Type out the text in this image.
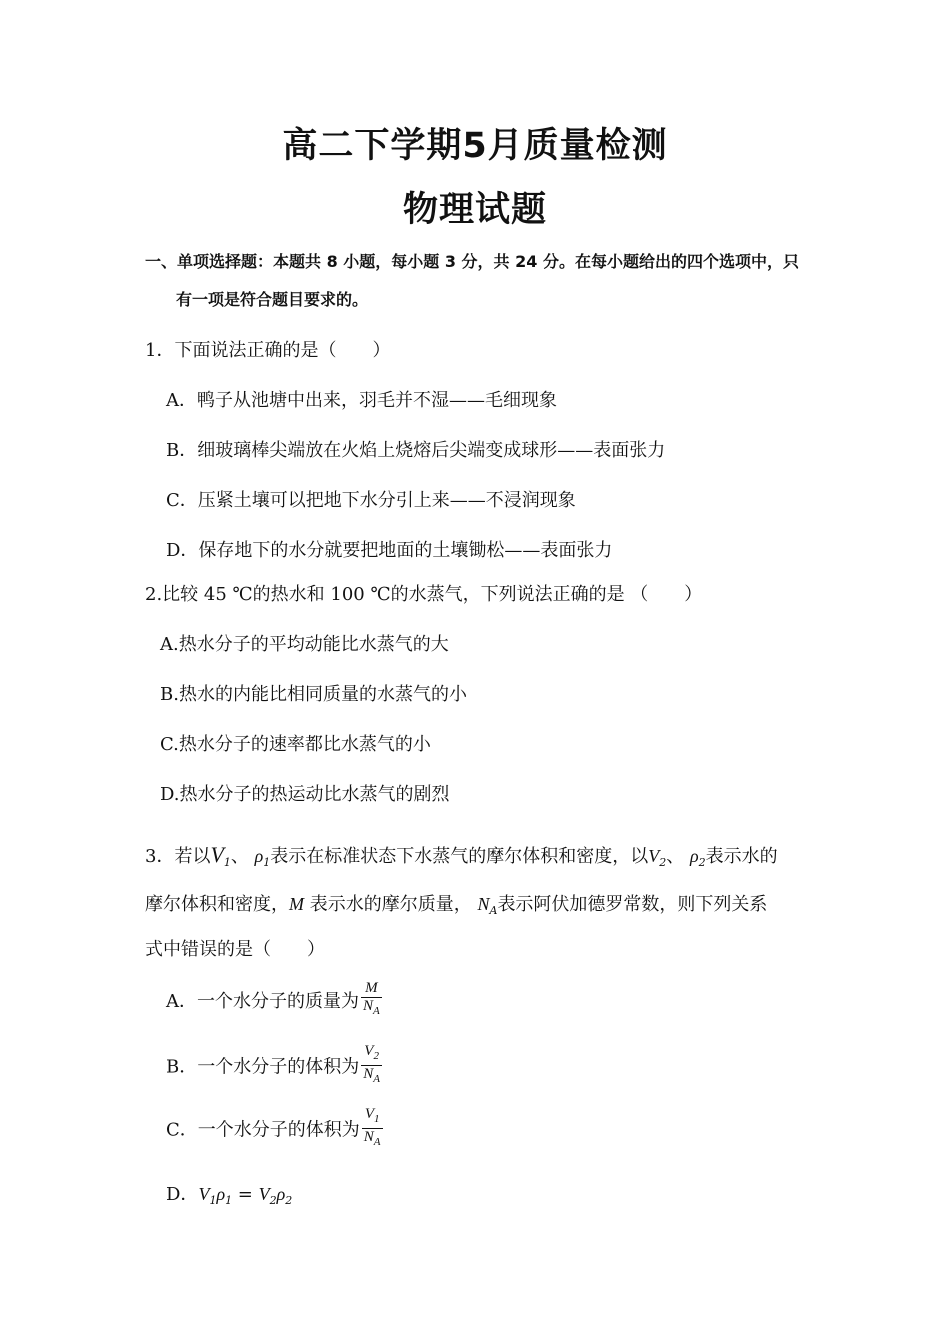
高二下学期5月质量检测
物理试题
一、单项选择题：本题共 8 小题，每小题 3 分，共 24 分。在每小题给出的四个选项中，只
有一项是符合题目要求的。
1．下面说法正确的是（　　）
A．鸭子从池塘中出来，羽毛并不湿——毛细现象
B．细玻璃棒尖端放在火焰上烧熔后尖端变成球形——表面张力
C．压紧土壤可以把地下水分引上来——不浸润现象
D．保存地下的水分就要把地面的土壤锄松——表面张力
2.比较 45 ℃的热水和 100 ℃的水蒸气，下列说法正确的是 （　　）
A.热水分子的平均动能比水蒸气的大
B.热水的内能比相同质量的水蒸气的小
C.热水分子的速率都比水蒸气的小
D.热水分子的热运动比水蒸气的剧烈
3．若以$V_1$、 $\rho_1$表示在标准状态下水蒸气的摩尔体积和密度，以$V_2$、 $\rho_2$表示水的
摩尔体积和密度，M 表示水的摩尔质量， $N_A$表示阿伏加德罗常数，则下列关系
式中错误的是（　　）
A．一个水分子的质量为 $\frac{M}{N_A}$
B．一个水分子的体积为 $\frac{V_2}{N_A}$
C．一个水分子的体积为 $\frac{V_1}{N_A}$
D．$V_1\rho_1 = V_2\rho_2$
